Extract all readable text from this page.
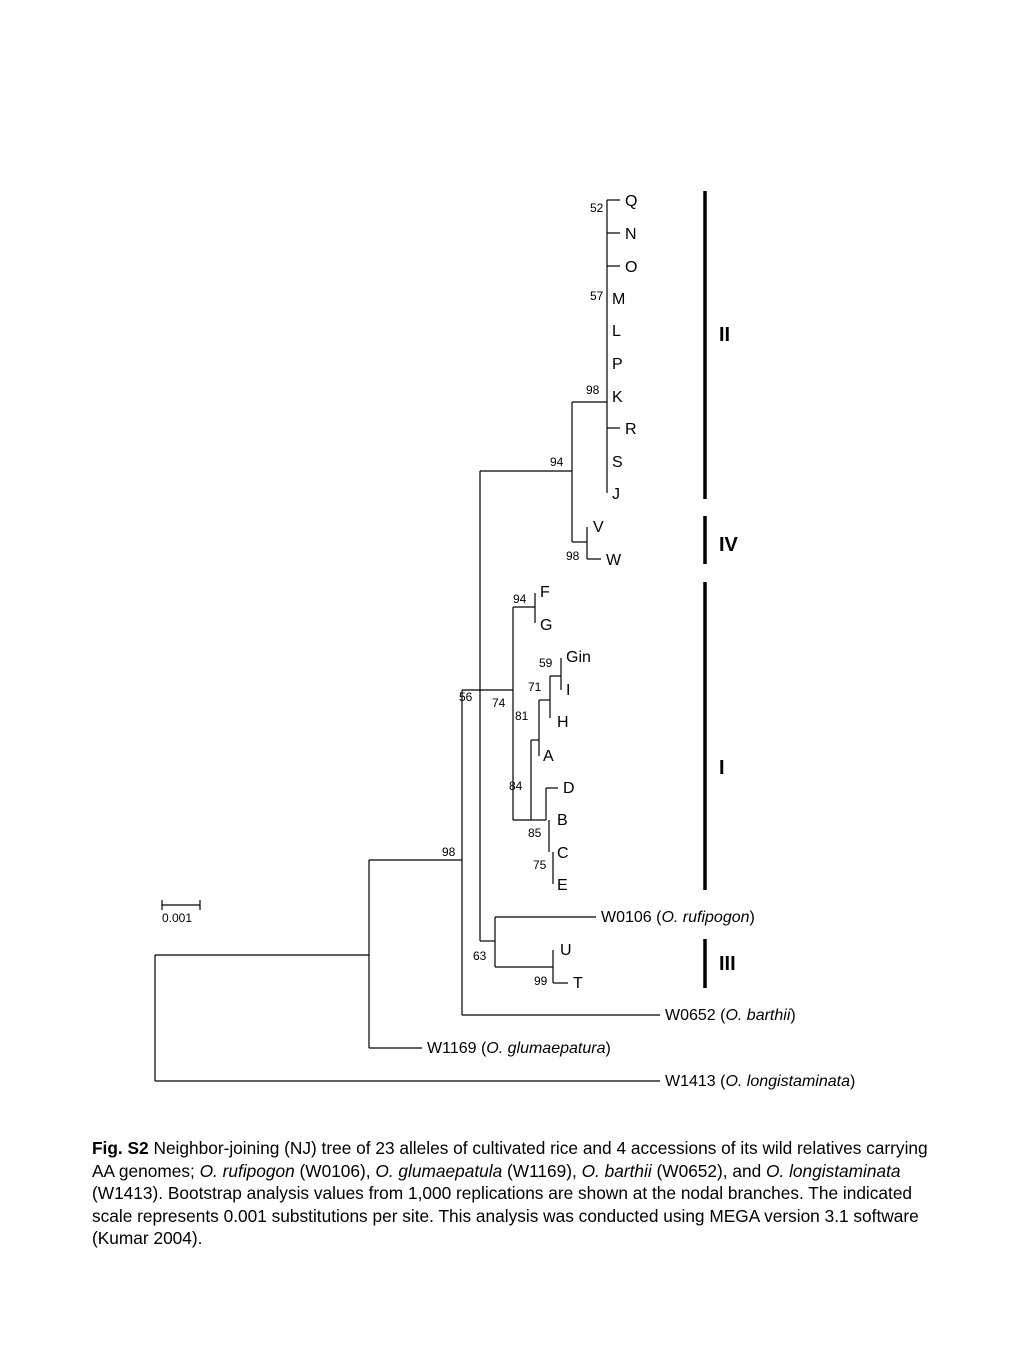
Q
N
O
M
L
P
K
R
S
J
V
W
F
G
Gin
I
H
A
D
B
C
E
U
T
W0106 (O. rufipogon)
W0652 (O. barthii)
W1169 (O. glumaepatura)
W1413 (O. longistaminata)
52
57
98
94
98
94
59
71
74
56
81
84
85
75
98
63
99
II
IV
I
III
0.001
Fig. S2 Neighbor-joining (NJ) tree of 23 alleles of cultivated rice and 4 accessions of its wild relatives carrying AA genomes; O. rufipogon (W0106), O. glumaepatula (W1169), O. barthii (W0652), and O. longistaminata (W1413). Bootstrap analysis values from 1,000 replications are shown at the nodal branches. The indicated scale represents 0.001 substitutions per site. This analysis was conducted using MEGA version 3.1 software (Kumar 2004).
